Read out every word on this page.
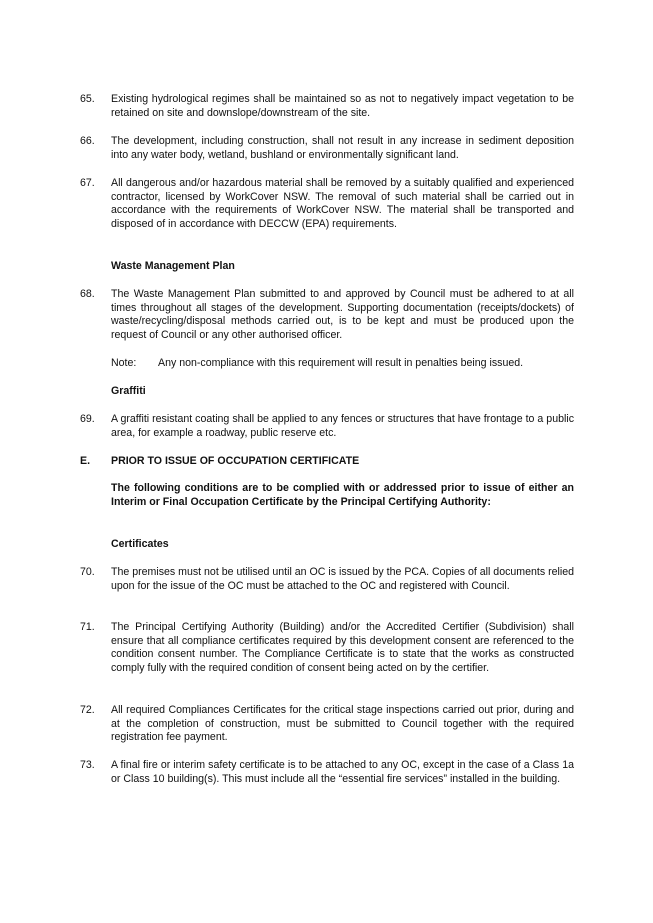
65.	Existing hydrological regimes shall be maintained so as not to negatively impact vegetation to be retained on site and downslope/downstream of the site.
66.	The development, including construction, shall not result in any increase in sediment deposition into any water body, wetland, bushland or environmentally significant land.
67.	All dangerous and/or hazardous material shall be removed by a suitably qualified and experienced contractor, licensed by WorkCover NSW. The removal of such material shall be carried out in accordance with the requirements of WorkCover NSW. The material shall be transported and disposed of in accordance with DECCW (EPA) requirements.
Waste Management Plan
68.	The Waste Management Plan submitted to and approved by Council must be adhered to at all times throughout all stages of the development. Supporting documentation (receipts/dockets) of waste/recycling/disposal methods carried out, is to be kept and must be produced upon the request of Council or any other authorised officer.
Note: Any non-compliance with this requirement will result in penalties being issued.
Graffiti
69.	A graffiti resistant coating shall be applied to any fences or structures that have frontage to a public area, for example a roadway, public reserve etc.
E. PRIOR TO ISSUE OF OCCUPATION CERTIFICATE
The following conditions are to be complied with or addressed prior to issue of either an Interim or Final Occupation Certificate by the Principal Certifying Authority:
Certificates
70.	The premises must not be utilised until an OC is issued by the PCA. Copies of all documents relied upon for the issue of the OC must be attached to the OC and registered with Council.
71.	The Principal Certifying Authority (Building) and/or the Accredited Certifier (Subdivision) shall ensure that all compliance certificates required by this development consent are referenced to the condition consent number. The Compliance Certificate is to state that the works as constructed comply fully with the required condition of consent being acted on by the certifier.
72.	All required Compliances Certificates for the critical stage inspections carried out prior, during and at the completion of construction, must be submitted to Council together with the required registration fee payment.
73.	A final fire or interim safety certificate is to be attached to any OC, except in the case of a Class 1a or Class 10 building(s). This must include all the “essential fire services” installed in the building.
